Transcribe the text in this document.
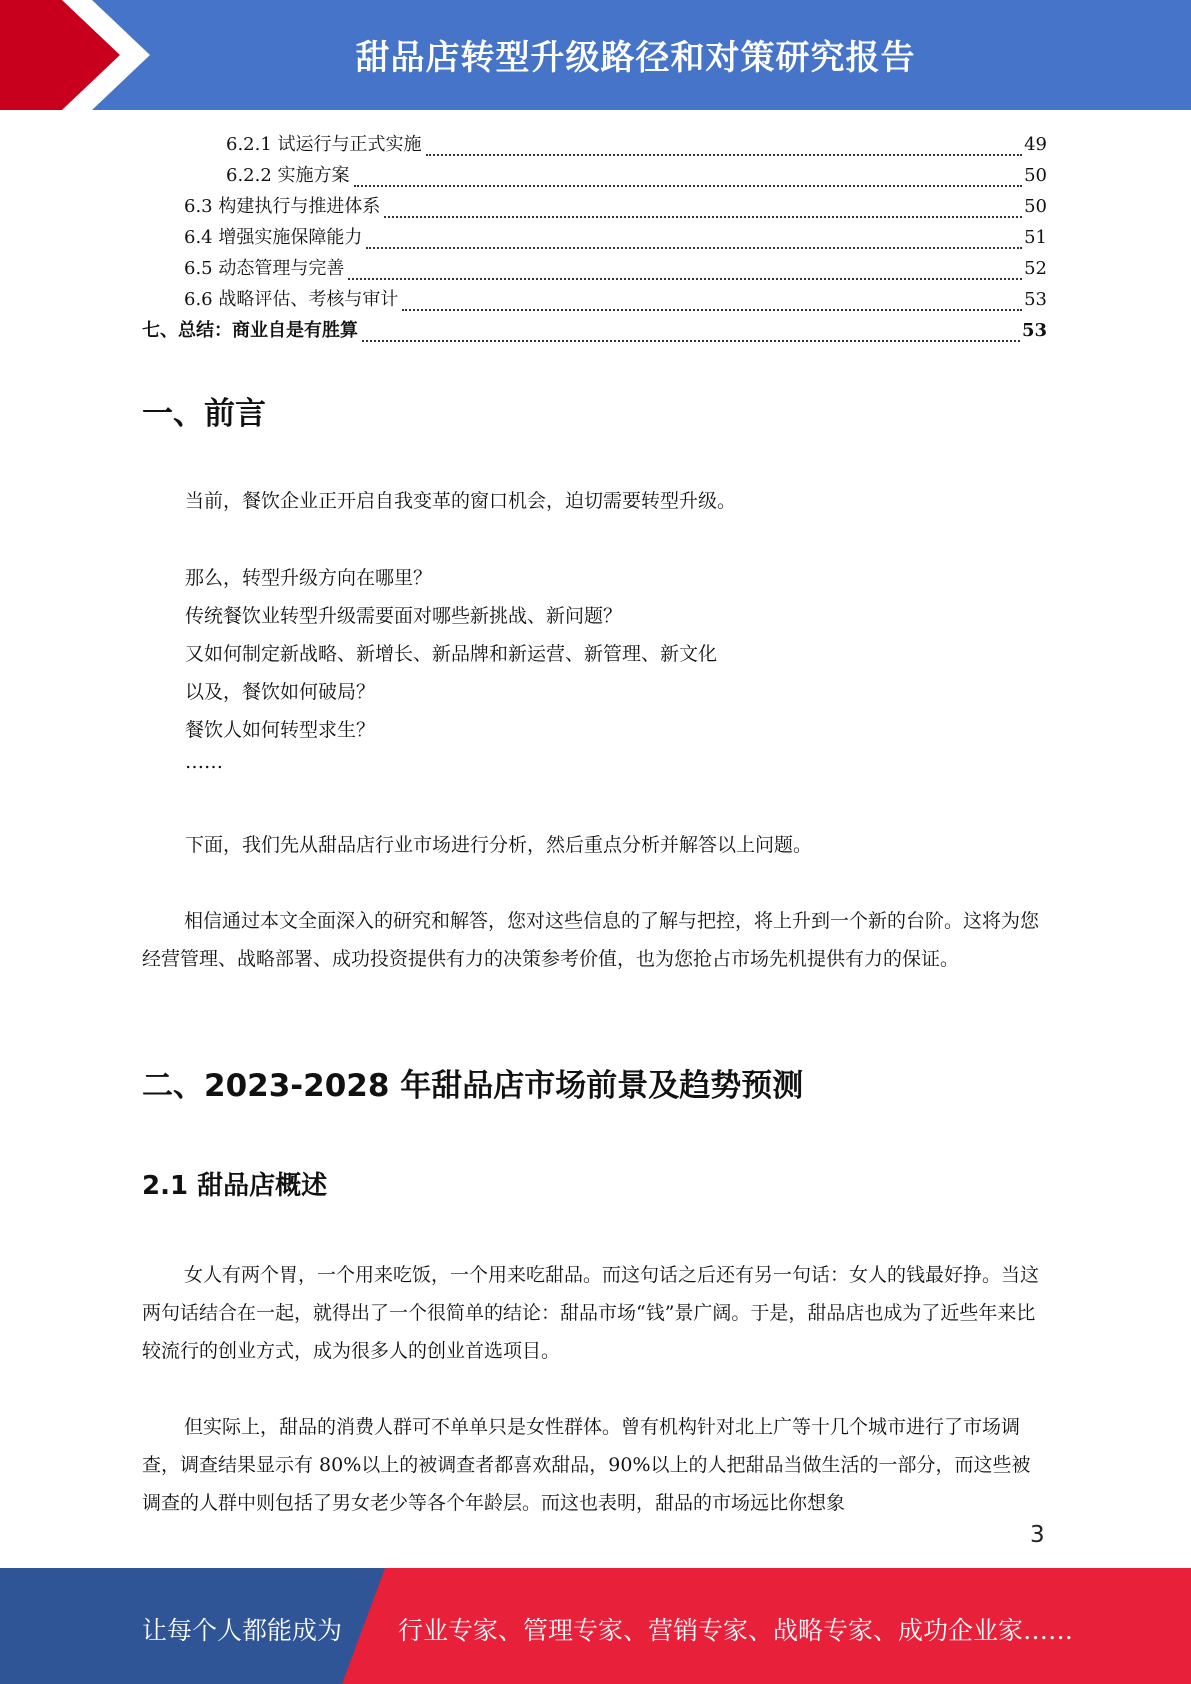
甜品店转型升级路径和对策研究报告
6.2.1 试运行与正式实施	49
6.2.2 实施方案	50
6.3 构建执行与推进体系	50
6.4 增强实施保障能力	51
6.5 动态管理与完善	52
6.6 战略评估、考核与审计	53
七、总结：商业自是有胜算	53
一、前言
当前，餐饮企业正开启自我变革的窗口机会，迫切需要转型升级。
那么，转型升级方向在哪里？
传统餐饮业转型升级需要面对哪些新挑战、新问题？
又如何制定新战略、新增长、新品牌和新运营、新管理、新文化
以及，餐饮如何破局？
餐饮人如何转型求生？
……
下面，我们先从甜品店行业市场进行分析，然后重点分析并解答以上问题。
相信通过本文全面深入的研究和解答，您对这些信息的了解与把控，将上升到一个新的台阶。这将为您经营管理、战略部署、成功投资提供有力的决策参考价值，也为您抢占市场先机提供有力的保证。
二、2023-2028 年甜品店市场前景及趋势预测
2.1 甜品店概述
女人有两个胃，一个用来吃饭，一个用来吃甜品。而这句话之后还有另一句话：女人的钱最好挣。当这两句话结合在一起，就得出了一个很简单的结论：甜品市场“钱”景广阔。于是，甜品店也成为了近些年来比较流行的创业方式，成为很多人的创业首选项目。
但实际上，甜品的消费人群可不单单只是女性群体。曾有机构针对北上广等十几个城市进行了市场调查，调查结果显示有 80%以上的被调查者都喜欢甜品，90%以上的人把甜品当做生活的一部分，而这些被调查的人群中则包括了男女老少等各个年龄层。而这也表明，甜品的市场远比你想象
3
让每个人都能成为 行业专家、管理专家、营销专家、战略专家、成功企业家……
